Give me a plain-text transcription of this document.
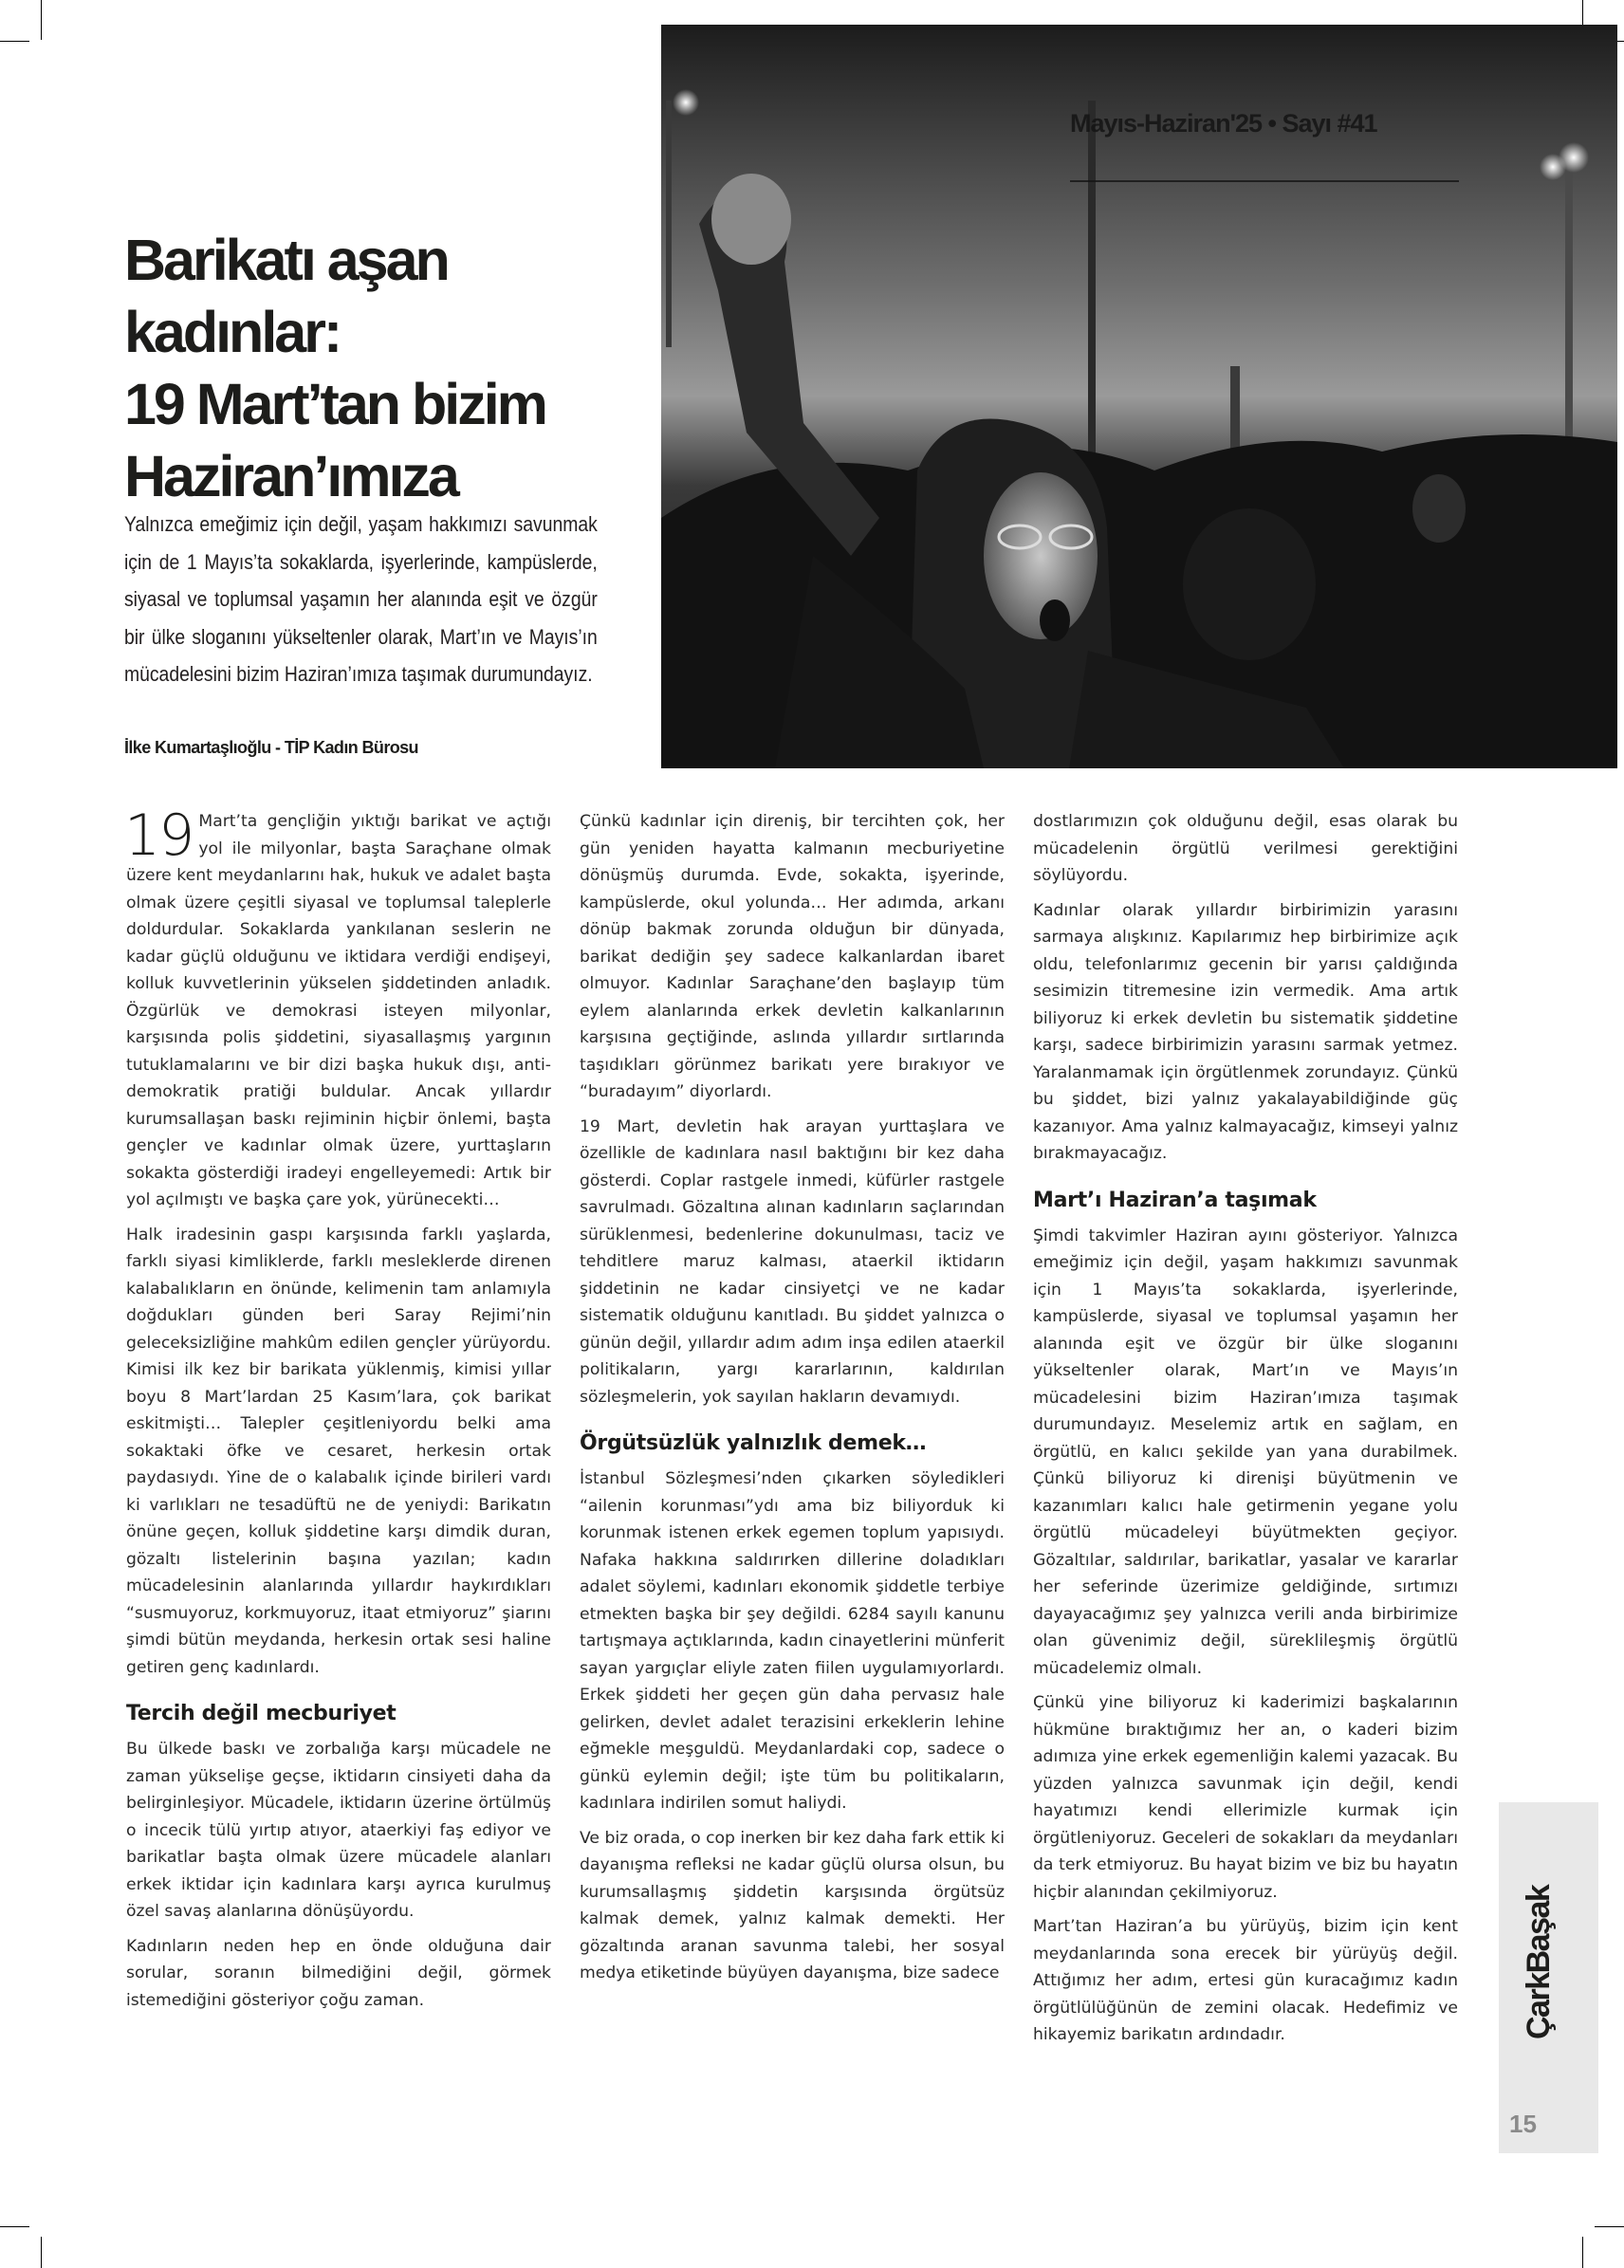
Mayıs-Haziran'25 • Sayı #41
Barikatı aşan
kadınlar:
19 Mart’tan bizim
Haziran’ımıza

Yalnızca emeğimiz için değil, yaşam hakkımızı savunmak için de 1 Mayıs’ta sokaklarda, işyerlerinde, kampüslerde, siyasal ve toplumsal yaşamın her alanında eşit ve özgür bir ülke sloganını yükseltenler olarak, Mart’ın ve Mayıs’ın mücadelesini bizim Haziran’ımıza taşımak durumundayız.

İlke Kumartaşlıoğlu - TİP Kadın Bürosu

19 Mart’ta gençliğin yıktığı barikat ve açtığı yol ile milyonlar, başta Saraçhane olmak üzere kent meydanlarını hak, hukuk ve adalet başta olmak üzere çeşitli siyasal ve toplumsal taleplerle doldurdular. Sokaklarda yankılanan seslerin ne kadar güçlü olduğunu ve iktidara verdiği endişeyi, kolluk kuvvetlerinin yükselen şiddetinden anladık. Özgürlük ve demokrasi isteyen milyonlar, karşısında polis şiddetini, siyasallaşmış yargının tutuklamalarını ve bir dizi başka hukuk dışı, anti-demokratik pratiği buldular. Ancak yıllardır kurumsallaşan baskı rejiminin hiçbir önlemi, başta gençler ve kadınlar olmak üzere, yurttaşların sokakta gösterdiği iradeyi engelleyemedi: Artık bir yol açılmıştı ve başka çare yok, yürünecekti…

Halk iradesinin gaspı karşısında farklı yaşlarda, farklı siyasi kimliklerde, farklı mesleklerde direnen kalabalıkların en önünde, kelimenin tam anlamıyla doğdukları günden beri Saray Rejimi’nin geleceksizliğine mahkûm edilen gençler yürüyordu. Kimisi ilk kez bir barikata yüklenmiş, kimisi yıllar boyu 8 Mart’lardan 25 Kasım’lara, çok barikat eskitmişti… Talepler çeşitleniyordu belki ama sokaktaki öfke ve cesaret, herkesin ortak paydasıydı. Yine de o kalabalık içinde birileri vardı ki varlıkları ne tesadüftü ne de yeniydi: Barikatın önüne geçen, kolluk şiddetine karşı dimdik duran, gözaltı listelerinin başına yazılan; kadın mücadelesinin alanlarında yıllardır haykırdıkları “susmuyoruz, korkmuyoruz, itaat etmiyoruz” şiarını şimdi bütün meydanda, herkesin ortak sesi haline getiren genç kadınlardı.

Tercih değil mecburiyet

Bu ülkede baskı ve zorbalığa karşı mücadele ne zaman yükselişe geçse, iktidarın cinsiyeti daha da belirginleşiyor. Mücadele, iktidarın üzerine örtülmüş o incecik tülü yırtıp atıyor, ataerkiyi faş ediyor ve barikatlar başta olmak üzere mücadele alanları erkek iktidar için kadınlara karşı ayrıca kurulmuş özel savaş alanlarına dönüşüyordu.

Kadınların neden hep en önde olduğuna dair sorular, soranın bilmediğini değil, görmek istemediğini gösteriyor çoğu zaman.

Çünkü kadınlar için direniş, bir tercihten çok, her gün yeniden hayatta kalmanın mecburiyetine dönüşmüş durumda. Evde, sokakta, işyerinde, kampüslerde, okul yolunda… Her adımda, arkanı dönüp bakmak zorunda olduğun bir dünyada, barikat dediğin şey sadece kalkanlardan ibaret olmuyor. Kadınlar Saraçhane’den başlayıp tüm eylem alanlarında erkek devletin kalkanlarının karşısına geçtiğinde, aslında yıllardır sırtlarında taşıdıkları görünmez barikatı yere bırakıyor ve “buradayım” diyorlardı.

19 Mart, devletin hak arayan yurttaşlara ve özellikle de kadınlara nasıl baktığını bir kez daha gösterdi. Coplar rastgele inmedi, küfürler rastgele savrulmadı. Gözaltına alınan kadınların saçlarından sürüklenmesi, bedenlerine dokunulması, taciz ve tehditlere maruz kalması, ataerkil iktidarın şiddetinin ne kadar cinsiyetçi ve ne kadar sistematik olduğunu kanıtladı. Bu şiddet yalnızca o günün değil, yıllardır adım adım inşa edilen ataerkil politikaların, yargı kararlarının, kaldırılan sözleşmelerin, yok sayılan hakların devamıydı.

Örgütsüzlük yalnızlık demek…

İstanbul Sözleşmesi’nden çıkarken söyledikleri “ailenin korunması”ydı ama biz biliyorduk ki korunmak istenen erkek egemen toplum yapısıydı. Nafaka hakkına saldırırken dillerine doladıkları adalet söylemi, kadınları ekonomik şiddetle terbiye etmekten başka bir şey değildi. 6284 sayılı kanunu tartışmaya açtıklarında, kadın cinayetlerini münferit sayan yargıçlar eliyle zaten fiilen uygulamıyorlardı. Erkek şiddeti her geçen gün daha pervasız hale gelirken, devlet adalet terazisini erkeklerin lehine eğmekle meşguldü. Meydanlardaki cop, sadece o günkü eylemin değil; işte tüm bu politikaların, kadınlara indirilen somut haliydi.

Ve biz orada, o cop inerken bir kez daha fark ettik ki dayanışma refleksi ne kadar güçlü olursa olsun, bu kurumsallaşmış şiddetin karşısında örgütsüz kalmak demek, yalnız kalmak demekti. Her gözaltında aranan savunma talebi, her sosyal medya etiketinde büyüyen dayanışma, bize sadece

dostlarımızın çok olduğunu değil, esas olarak bu mücadelenin örgütlü verilmesi gerektiğini söylüyordu.

Kadınlar olarak yıllardır birbirimizin yarasını sarmaya alışkınız. Kapılarımız hep birbirimize açık oldu, telefonlarımız gecenin bir yarısı çaldığında sesimizin titremesine izin vermedik. Ama artık biliyoruz ki erkek devletin bu sistematik şiddetine karşı, sadece birbirimizin yarasını sarmak yetmez. Yaralanmamak için örgütlenmek zorundayız. Çünkü bu şiddet, bizi yalnız yakalayabildiğinde güç kazanıyor. Ama yalnız kalmayacağız, kimseyi yalnız bırakmayacağız.

Mart’ı Haziran’a taşımak

Şimdi takvimler Haziran ayını gösteriyor. Yalnızca emeğimiz için değil, yaşam hakkımızı savunmak için 1 Mayıs’ta sokaklarda, işyerlerinde, kampüslerde, siyasal ve toplumsal yaşamın her alanında eşit ve özgür bir ülke sloganını yükseltenler olarak, Mart’ın ve Mayıs’ın mücadelesini bizim Haziran’ımıza taşımak durumundayız. Meselemiz artık en sağlam, en örgütlü, en kalıcı şekilde yan yana durabilmek. Çünkü biliyoruz ki direnişi büyütmenin ve kazanımları kalıcı hale getirmenin yegane yolu örgütlü mücadeleyi büyütmekten geçiyor. Gözaltılar, saldırılar, barikatlar, yasalar ve kararlar her seferinde üzerimize geldiğinde, sırtımızı dayayacağımız şey yalnızca verili anda birbirimize olan güvenimiz değil, süreklileşmiş örgütlü mücadelemiz olmalı.

Çünkü yine biliyoruz ki kaderimizi başkalarının hükmüne bıraktığımız her an, o kaderi bizim adımıza yine erkek egemenliğin kalemi yazacak. Bu yüzden yalnızca savunmak için değil, kendi hayatımızı kendi ellerimizle kurmak için örgütleniyoruz. Geceleri de sokakları da meydanları da terk etmiyoruz. Bu hayat bizim ve biz bu hayatın hiçbir alanından çekilmiyoruz.

Mart’tan Haziran’a bu yürüyüş, bizim için kent meydanlarında sona erecek bir yürüyüş değil. Attığımız her adım, ertesi gün kuracağımız kadın örgütlülüğünün de zemini olacak. Hedefimiz ve hikayemiz barikatın ardındadır.	ÇarkBaşak
15
